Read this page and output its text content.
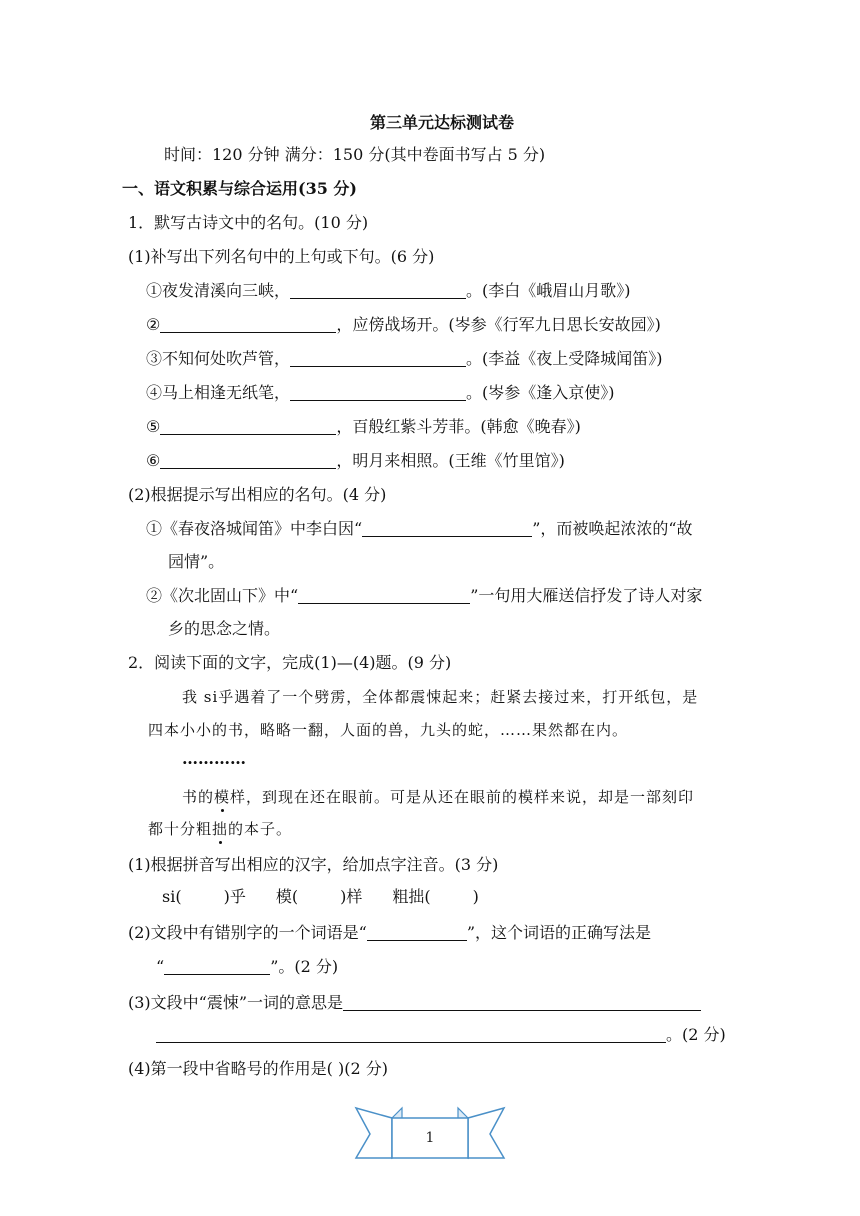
第三单元达标测试卷
时间：120 分钟 满分：150 分(其中卷面书写占 5 分)
一、语文积累与综合运用(35 分)
1．默写古诗文中的名句。(10 分)
(1)补写出下列名句中的上句或下句。(6 分)
①夜发清溪向三峡，	。(李白《峨眉山月歌》)
②	，应傍战场开。(岑参《行军九日思长安故园》)
③不知何处吹芦管，	。(李益《夜上受降城闻笛》)
④马上相逢无纸笔，	。(岑参《逢入京使》)
⑤	，百般红紫斗芳菲。(韩愈《晚春》)
⑥	，明月来相照。(王维《竹里馆》)
(2)根据提示写出相应的名句。(4 分)
①《春夜洛城闻笛》中李白因“	”，而被唤起浓浓的“故
园情”。
②《次北固山下》中“	”一句用大雁送信抒发了诗人对家
乡的思念之情。
2．阅读下面的文字，完成(1)—(4)题。(9 分)
我 si乎遇着了一个劈雳，全体都震悚起来；赶紧去接过来，打开纸包，是
四本小小的书，略略一翻，人面的兽，九头的蛇，……果然都在内。
…………
书的模样，到现在还在眼前。可是从还在眼前的模样来说，却是一部刻印
都十分粗拙的本子。
(1)根据拼音写出相应的汉字，给加点字注音。(3 分)
si(	)乎 模(	)样 粗拙(	)
(2)文段中有错别字的一个词语是“	”，这个词语的正确写法是
“	”。(2 分)
(3)文段中“震悚”一词的意思是
。(2 分)
(4)第一段中省略号的作用是( )(2 分)
1
